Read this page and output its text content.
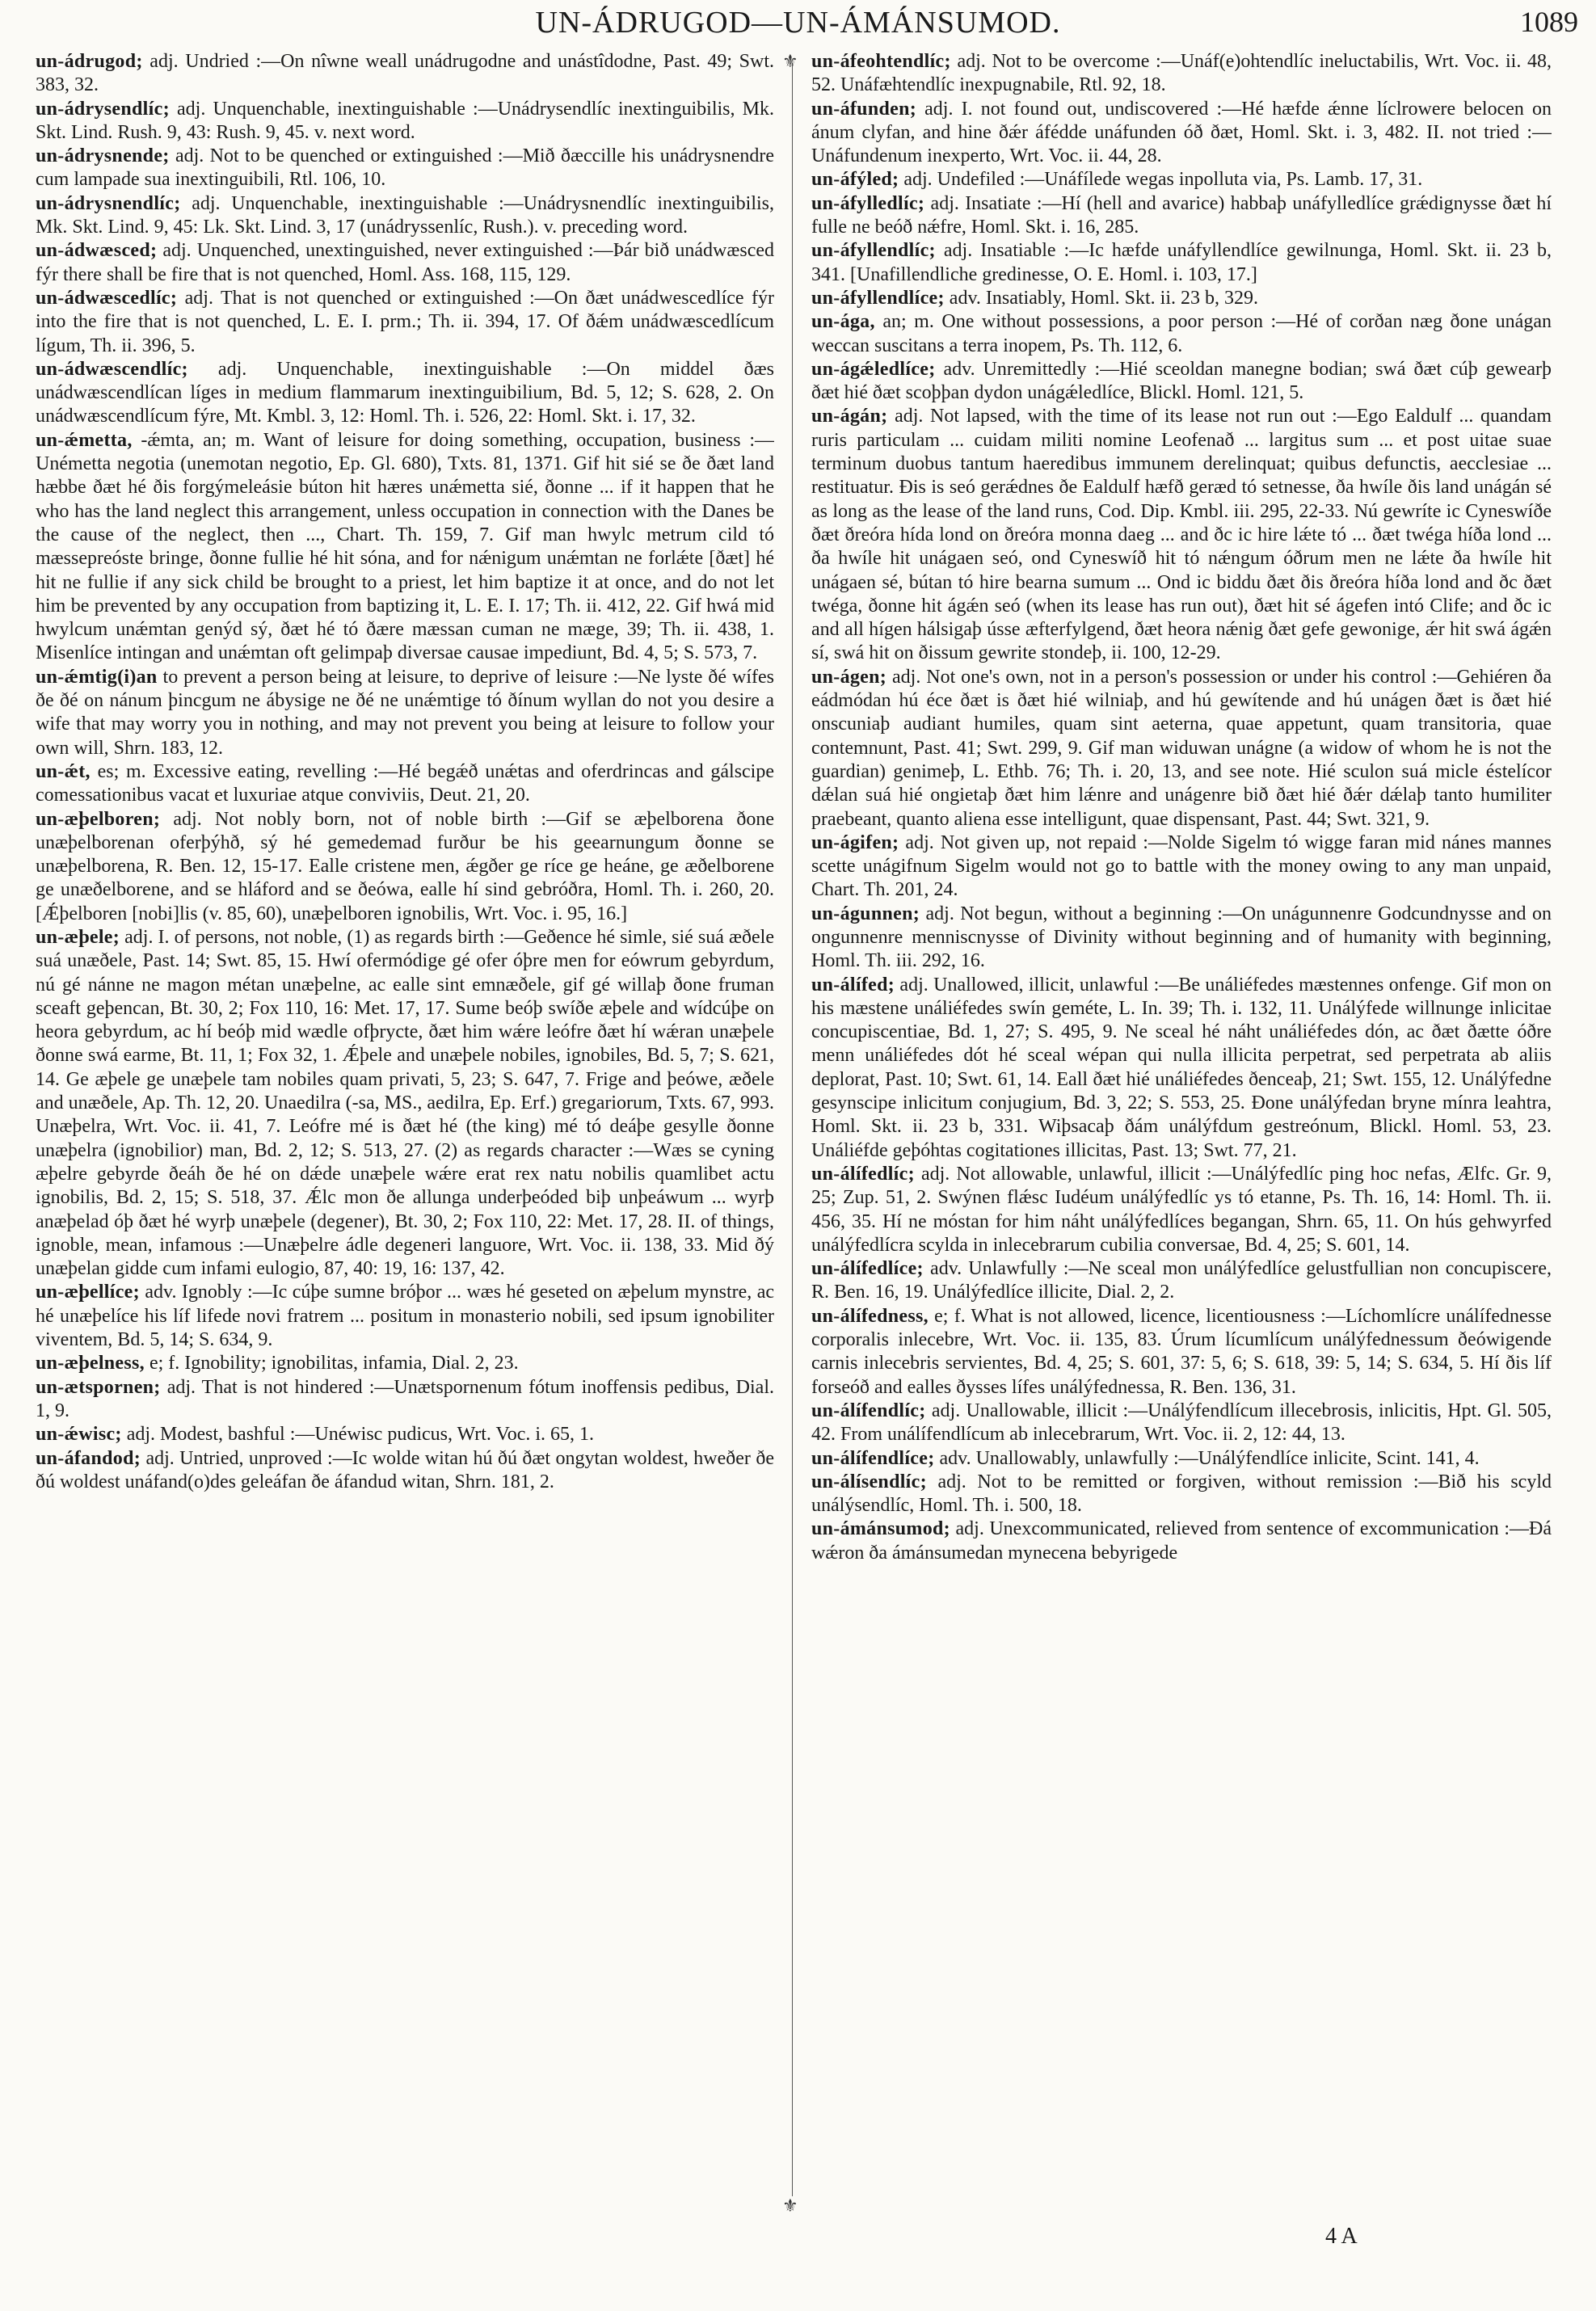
UN-ÁDRUGOD—UN-ÁMÁNSUMOD.	1089
⚜
⚜

un-ádrugod; adj. Undried :—On nîwne weall unádrugodne and unástîdodne, Past. 49; Swt. 383, 32.

un-ádrysendlíc; adj. Unquenchable, inextinguishable :—Unádrysendlíc inextinguibilis, Mk. Skt. Lind. Rush. 9, 43: Rush. 9, 45. v. next word.

un-ádrysnende; adj. Not to be quenched or extinguished :—Mið ðæccille his unádrysnendre cum lampade sua inextinguibili, Rtl. 106, 10.

un-ádrysnendlíc; adj. Unquenchable, inextinguishable :—Unádrysnendlíc inextinguibilis, Mk. Skt. Lind. 9, 45: Lk. Skt. Lind. 3, 17 (unádryssenlíc, Rush.). v. preceding word.

un-ádwæsced; adj. Unquenched, unextinguished, never extinguished :—Þár bið unádwæsced fýr there shall be fire that is not quenched, Homl. Ass. 168, 115, 129.

un-ádwæscedlíc; adj. That is not quenched or extinguished :—On ðæt unádwescedlíce fýr into the fire that is not quenched, L. E. I. prm.; Th. ii. 394, 17. Of ðǽm unádwæscedlícum lígum, Th. ii. 396, 5.

un-ádwæscendlíc; adj. Unquenchable, inextinguishable :—On middel ðæs unádwæscendlícan líges in medium flammarum inextinguibilium, Bd. 5, 12; S. 628, 2. On unádwæscendlícum fýre, Mt. Kmbl. 3, 12: Homl. Th. i. 526, 22: Homl. Skt. i. 17, 32.

un-ǽmetta, -ǽmta, an; m. Want of leisure for doing something, occupation, business :—Unémetta negotia (unemotan negotio, Ep. Gl. 680), Txts. 81, 1371. Gif hit sié se ðe ðæt land hæbbe ðæt hé ðis forgýmeleásie búton hit hæres unǽmetta sié, ðonne ... if it happen that he who has the land neglect this arrangement, unless occupation in connection with the Danes be the cause of the neglect, then ..., Chart. Th. 159, 7. Gif man hwylc metrum cild tó mæssepreóste bringe, ðonne fullie hé hit sóna, and for nǽnigum unǽmtan ne forlǽte [ðæt] hé hit ne fullie if any sick child be brought to a priest, let him baptize it at once, and do not let him be prevented by any occupation from baptizing it, L. E. I. 17; Th. ii. 412, 22. Gif hwá mid hwylcum unǽmtan genýd sý, ðæt hé tó ðære mæssan cuman ne mæge, 39; Th. ii. 438, 1. Misenlíce intingan and unǽmtan oft gelimpaþ diversae causae impediunt, Bd. 4, 5; S. 573, 7.

un-ǽmtig(i)an to prevent a person being at leisure, to deprive of leisure :—Ne lyste ðé wífes ðe ðé on nánum þincgum ne ábysige ne ðé ne unǽmtige tó ðínum wyllan do not you desire a wife that may worry you in nothing, and may not prevent you being at leisure to follow your own will, Shrn. 183, 12.

un-ǽt, es; m. Excessive eating, revelling :—Hé begǽð unǽtas and oferdrincas and gálscipe comessationibus vacat et luxuriae atque conviviis, Deut. 21, 20.

un-æþelboren; adj. Not nobly born, not of noble birth :—Gif se æþelborena ðone unæþelborenan oferþýhð, sý hé gemedemad furður be his geearnungum ðonne se unæþelborena, R. Ben. 12, 15-17. Ealle cristene men, ǽgðer ge ríce ge heáne, ge æðelborene ge unæðelborene, and se hláford and se ðeówa, ealle hí sind gebróðra, Homl. Th. i. 260, 20. [Ǽþelboren [nobi]lis (v. 85, 60), unæþelboren ignobilis, Wrt. Voc. i. 95, 16.]

un-æþele; adj. I. of persons, not noble, (1) as regards birth :—Geðence hé simle, sié suá æðele suá unæðele, Past. 14; Swt. 85, 15. Hwí ofermódige gé ofer óþre men for eówrum gebyrdum, nú gé nánne ne magon métan unæþelne, ac ealle sint emnæðele, gif gé willaþ ðone fruman sceaft geþencan, Bt. 30, 2; Fox 110, 16: Met. 17, 17. Sume beóþ swíðe æþele and wídcúþe on heora gebyrdum, ac hí beóþ mid wædle ofþrycte, ðæt him wǽre leófre ðæt hí wǽran unæþele ðonne swá earme, Bt. 11, 1; Fox 32, 1. Ǽþele and unæþele nobiles, ignobiles, Bd. 5, 7; S. 621, 14. Ge æþele ge unæþele tam nobiles quam privati, 5, 23; S. 647, 7. Frige and þeówe, æðele and unæðele, Ap. Th. 12, 20. Unaedilra (-sa, MS., aedilra, Ep. Erf.) gregariorum, Txts. 67, 993. Unæþelra, Wrt. Voc. ii. 41, 7. Leófre mé is ðæt hé (the king) mé tó deáþe gesylle ðonne unæþelra (ignobilior) man, Bd. 2, 12; S. 513, 27. (2) as regards character :—Wæs se cyning æþelre gebyrde ðeáh ðe hé on dǽde unæþele wǽre erat rex natu nobilis quamlibet actu ignobilis, Bd. 2, 15; S. 518, 37. Ǽlc mon ðe allunga underþeóded biþ unþeáwum ... wyrþ anæþelad óþ ðæt hé wyrþ unæþele (degener), Bt. 30, 2; Fox 110, 22: Met. 17, 28. II. of things, ignoble, mean, infamous :—Unæþelre ádle degeneri languore, Wrt. Voc. ii. 138, 33. Mid ðý unæþelan gidde cum infami eulogio, 87, 40: 19, 16: 137, 42.

un-æþellíce; adv. Ignobly :—Ic cúþe sumne bróþor ... wæs hé geseted on æþelum mynstre, ac hé unæþelíce his líf lifede novi fratrem ... positum in monasterio nobili, sed ipsum ignobiliter viventem, Bd. 5, 14; S. 634, 9.

un-æþelness, e; f. Ignobility; ignobilitas, infamia, Dial. 2, 23.

un-ætspornen; adj. That is not hindered :—Unætspornenum fótum inoffensis pedibus, Dial. 1, 9.

un-ǽwisc; adj. Modest, bashful :—Unéwisc pudicus, Wrt. Voc. i. 65, 1.

un-áfandod; adj. Untried, unproved :—Ic wolde witan hú ðú ðæt ongytan woldest, hweðer ðe ðú woldest unáfand(o)des geleáfan ðe áfandud witan, Shrn. 181, 2.

un-áfeohtendlíc; adj. Not to be overcome :—Unáf(e)ohtendlíc ineluctabilis, Wrt. Voc. ii. 48, 52. Unáfæhtendlíc inexpugnabile, Rtl. 92, 18.

un-áfunden; adj. I. not found out, undiscovered :—Hé hæfde ǽnne líclrowere belocen on ánum clyfan, and hine ðǽr áfédde unáfunden óð ðæt, Homl. Skt. i. 3, 482. II. not tried :—Unáfundenum inexperto, Wrt. Voc. ii. 44, 28.

un-áfýled; adj. Undefiled :—Unáfílede wegas inpolluta via, Ps. Lamb. 17, 31.

un-áfylledlíc; adj. Insatiate :—Hí (hell and avarice) habbaþ unáfylledlíce grǽdignysse ðæt hí fulle ne beóð nǽfre, Homl. Skt. i. 16, 285.

un-áfyllendlíc; adj. Insatiable :—Ic hæfde unáfyllendlíce gewilnunga, Homl. Skt. ii. 23 b, 341. [Unafillendliche gredinesse, O. E. Homl. i. 103, 17.]

un-áfyllendlíce; adv. Insatiably, Homl. Skt. ii. 23 b, 329.

un-ága, an; m. One without possessions, a poor person :—Hé of corðan næg ðone unágan weccan suscitans a terra inopem, Ps. Th. 112, 6.

un-ágǽledlíce; adv. Unremittedly :—Hié sceoldan manegne bodian; swá ðæt cúþ gewearþ ðæt hié ðæt scoþþan dydon unágǽledlíce, Blickl. Homl. 121, 5.

un-ágán; adj. Not lapsed, with the time of its lease not run out :—Ego Ealdulf ... quandam ruris particulam ... cuidam militi nomine Leofenað ... largitus sum ... et post uitae suae terminum duobus tantum haeredibus immunem derelinquat; quibus defunctis, aecclesiae ... restituatur. Ðis is seó gerǽdnes ðe Ealdulf hæfð geræd tó setnesse, ða hwíle ðis land unágán sé as long as the lease of the land runs, Cod. Dip. Kmbl. iii. 295, 22-33. Nú gewríte ic Cyneswíðe ðæt ðreóra hída lond on ðreóra monna daeg ... and ðc ic hire lǽte tó ... ðæt twéga híða lond ... ða hwíle hit unágaen seó, ond Cyneswíð hit tó nǽngum óðrum men ne lǽte ða hwíle hit unágaen sé, bútan tó hire bearna sumum ... Ond ic biddu ðæt ðis ðreóra híða lond and ðc ðæt twéga, ðonne hit ágǽn seó (when its lease has run out), ðæt hit sé ágefen intó Clife; and ðc ic and all hígen hálsigaþ ússe æfterfylgend, ðæt heora nǽnig ðæt gefe gewonige, ǽr hit swá ágǽn sí, swá hit on ðissum gewrite stondeþ, ii. 100, 12-29.

un-ágen; adj. Not one's own, not in a person's possession or under his control :—Gehiéren ða eádmódan hú éce ðæt is ðæt hié wilniaþ, and hú gewítende and hú unágen ðæt is ðæt hié onscuniaþ audiant humiles, quam sint aeterna, quae appetunt, quam transitoria, quae contemnunt, Past. 41; Swt. 299, 9. Gif man widuwan unágne (a widow of whom he is not the guardian) genimeþ, L. Ethb. 76; Th. i. 20, 13, and see note. Hié sculon suá micle éstelícor dǽlan suá hié ongietaþ ðæt him lǽnre and unágenre bið ðæt hié ðǽr dǽlaþ tanto humiliter praebeant, quanto aliena esse intelligunt, quae dispensant, Past. 44; Swt. 321, 9.

un-ágifen; adj. Not given up, not repaid :—Nolde Sigelm tó wigge faran mid nánes mannes scette unágifnum Sigelm would not go to battle with the money owing to any man unpaid, Chart. Th. 201, 24.

un-águnnen; adj. Not begun, without a beginning :—On unágunnenre Godcundnysse and on ongunnenre menniscnysse of Divinity without beginning and of humanity with beginning, Homl. Th. iii. 292, 16.

un-álífed; adj. Unallowed, illicit, unlawful :—Be unáliéfedes mæstennes onfenge. Gif mon on his mæstene unáliéfedes swín geméte, L. In. 39; Th. i. 132, 11. Unálýfede willnunge inlicitae concupiscentiae, Bd. 1, 27; S. 495, 9. Ne sceal hé náht unáliéfedes dón, ac ðæt ðætte óðre menn unáliéfedes dót hé sceal wépan qui nulla illicita perpetrat, sed perpetrata ab aliis deplorat, Past. 10; Swt. 61, 14. Eall ðæt hié unáliéfedes ðenceaþ, 21; Swt. 155, 12. Unálýfedne gesynscipe inlicitum conjugium, Bd. 3, 22; S. 553, 25. Ðone unálýfedan bryne mínra leahtra, Homl. Skt. ii. 23 b, 331. Wiþsacaþ ðám unálýfdum gestreónum, Blickl. Homl. 53, 23. Unáliéfde geþóhtas cogitationes illicitas, Past. 13; Swt. 77, 21.

un-álífedlíc; adj. Not allowable, unlawful, illicit :—Unálýfedlíc ping hoc nefas, Ælfc. Gr. 9, 25; Zup. 51, 2. Swýnen flǽsc Iudéum unálýfedlíc ys tó etanne, Ps. Th. 16, 14: Homl. Th. ii. 456, 35. Hí ne móstan for him náht unálýfedlíces begangan, Shrn. 65, 11. On hús gehwyrfed unálýfedlícra scylda in inlecebrarum cubilia conversae, Bd. 4, 25; S. 601, 14.

un-álífedlíce; adv. Unlawfully :—Ne sceal mon unálýfedlíce gelustfullian non concupiscere, R. Ben. 16, 19. Unálýfedlíce illicite, Dial. 2, 2.

un-álífedness, e; f. What is not allowed, licence, licentiousness :—Líchomlícre unálífednesse corporalis inlecebre, Wrt. Voc. ii. 135, 83. Úrum lícumlícum unálýfednessum ðeówigende carnis inlecebris servientes, Bd. 4, 25; S. 601, 37: 5, 6; S. 618, 39: 5, 14; S. 634, 5. Hí ðis líf forseóð and ealles ðysses lífes unálýfednessa, R. Ben. 136, 31.

un-álífendlíc; adj. Unallowable, illicit :—Unálýfendlícum illecebrosis, inlicitis, Hpt. Gl. 505, 42. From unálífendlícum ab inlecebrarum, Wrt. Voc. ii. 2, 12: 44, 13.

un-álífendlíce; adv. Unallowably, unlawfully :—Unálýfendlíce inlicite, Scint. 141, 4.

un-álísendlíc; adj. Not to be remitted or forgiven, without remission :—Bið his scyld unálýsendlíc, Homl. Th. i. 500, 18.

un-ámánsumod; adj. Unexcommunicated, relieved from sentence of excommunication :—Ðá wǽron ða ámánsumedan mynecena bebyrigede

4 A
